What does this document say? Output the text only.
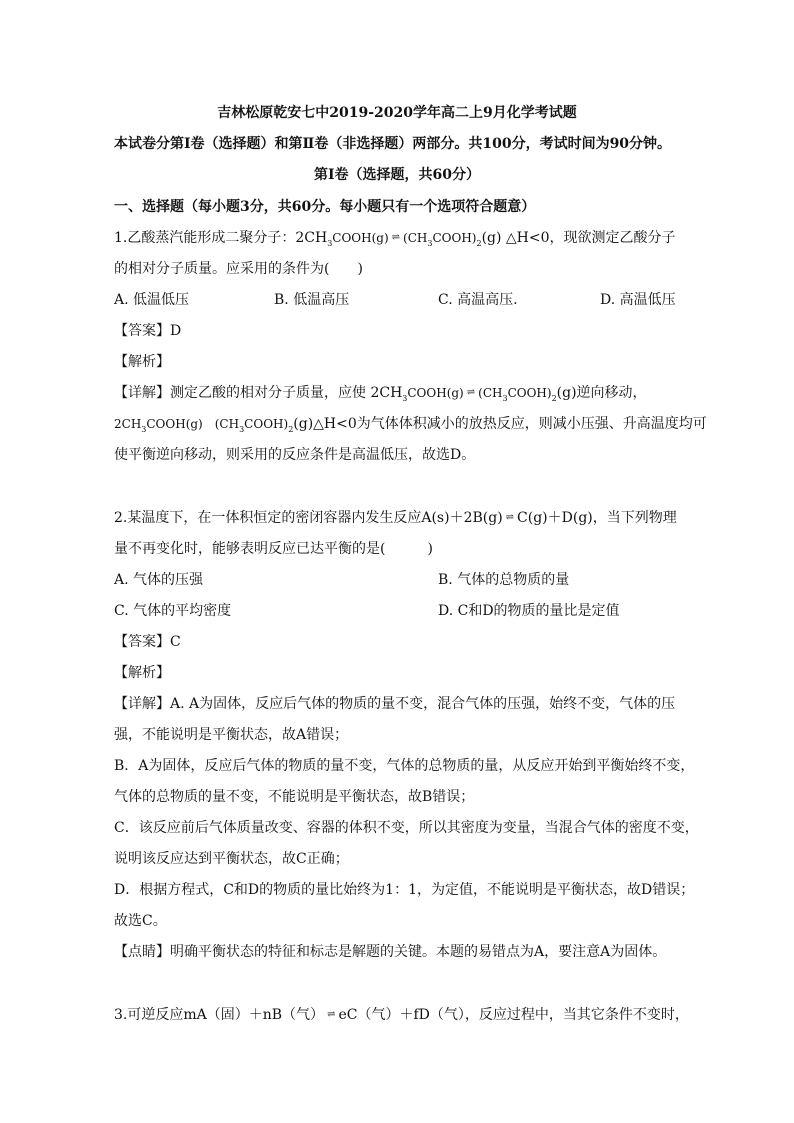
吉林松原乾安七中2019-2020学年高二上9月化学考试题
本试卷分第Ⅰ卷（选择题）和第Ⅱ卷（非选择题）两部分。共100分，考试时间为90分钟。
第Ⅰ卷（选择题，共60分）
一、选择题（每小题3分，共60分。每小题只有一个选项符合题意）
1.乙酸蒸汽能形成二聚分子：$2CH_3COOH(g)$ ⇌ $(CH_3COOH)_2(g)$ △H<0，现欲测定乙酸分子
的相对分子质量。应采用的条件为(　　)
A. 低温低压	B. 低温高压	C. 高温高压.	D. 高温低压
【答案】D
【解析】
【详解】测定乙酸的相对分子质量，应使 $2CH_3COOH(g)$ ⇌ $(CH_3COOH)_2(g)$逆向移动，
$2CH_3COOH(g)$　$(CH_3COOH)_2(g)\triangle H<0$为气体体积减小的放热反应，则减小压强、升高温度均可
使平衡逆向移动，则采用的反应条件是高温低压，故选D。
2.某温度下，在一体积恒定的密闭容器内发生反应A(s)＋2B(g) ⇌ C(g)＋D(g)，当下列物理
量不再变化时，能够表明反应已达平衡的是(　　　)
A. 气体的压强	B. 气体的总物质的量
C. 气体的平均密度	D. C和D的物质的量比是定值
【答案】C
【解析】
【详解】A. A为固体，反应后气体的物质的量不变，混合气体的压强，始终不变，气体的压
强，不能说明是平衡状态，故A错误；
B．A为固体，反应后气体的物质的量不变，气体的总物质的量，从反应开始到平衡始终不变，
气体的总物质的量不变，不能说明是平衡状态，故B错误；
C．该反应前后气体质量改变、容器的体积不变，所以其密度为变量，当混合气体的密度不变，
说明该反应达到平衡状态，故C正确；
D．根据方程式，C和D的物质的量比始终为1：1，为定值，不能说明是平衡状态，故D错误；
故选C。
【点睛】明确平衡状态的特征和标志是解题的关键。本题的易错点为A，要注意A为固体。
3.可逆反应mA（固）＋nB（气） ⇌ eC（气）＋fD（气），反应过程中，当其它条件不变时，
